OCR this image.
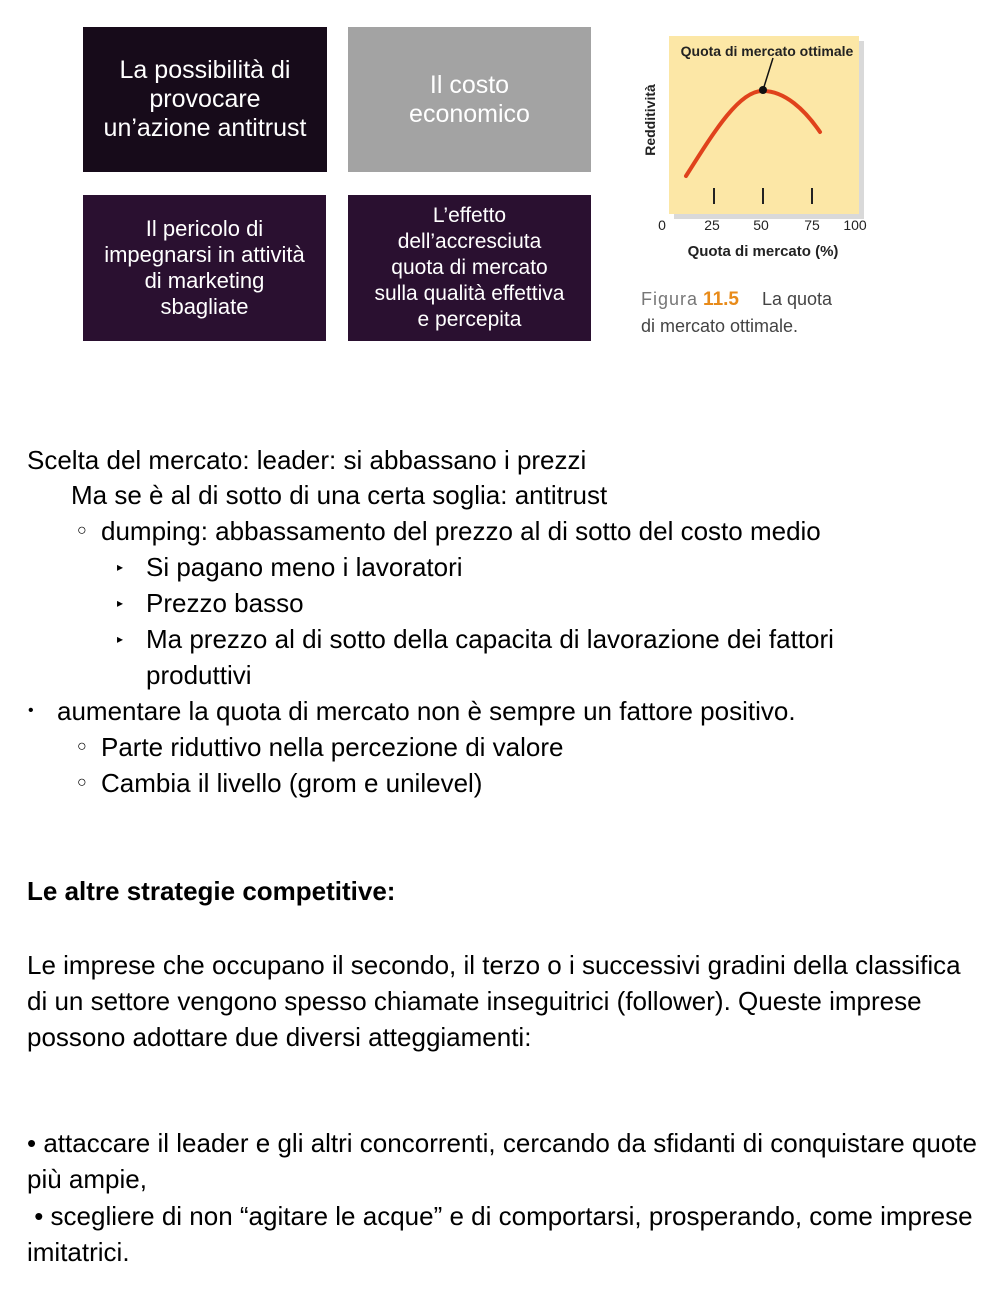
La possibilità di
provocare
un’azione antitrust
Il costo
economico
Il pericolo di
impegnarsi in attività
di marketing
sbagliate
L’effetto
dell’accresciuta
quota di mercato
sulla qualità effettiva
e percepita
Quota di mercato ottimale
Redditività
0	25 50	75 100
Quota di mercato (%)
Figura 11.5 La quota
di mercato ottimale.
Scelta del mercato: leader: si abbassano i prezzi
Ma se è al di sotto di una certa soglia: antitrust
○ dumping: abbassamento del prezzo al di sotto del costo medio
▸ Si pagano meno i lavoratori
▸ Prezzo basso
▸ Ma prezzo al di sotto della capacita di lavorazione dei fattori
produttivi
• aumentare la quota di mercato non è sempre un fattore positivo.
○ Parte riduttivo nella percezione di valore
○ Cambia il livello (grom e unilevel)
Le altre strategie competitive:
Le imprese che occupano il secondo, il terzo o i successivi gradini della classifica di un settore vengono spesso chiamate inseguitrici (follower). Queste imprese possono adottare due diversi atteggiamenti:
• attaccare il leader e gli altri concorrenti, cercando da sfidanti di conquistare quote più ampie,
• scegliere di non “agitare le acque” e di comportarsi, prosperando, come imprese imitatrici.
